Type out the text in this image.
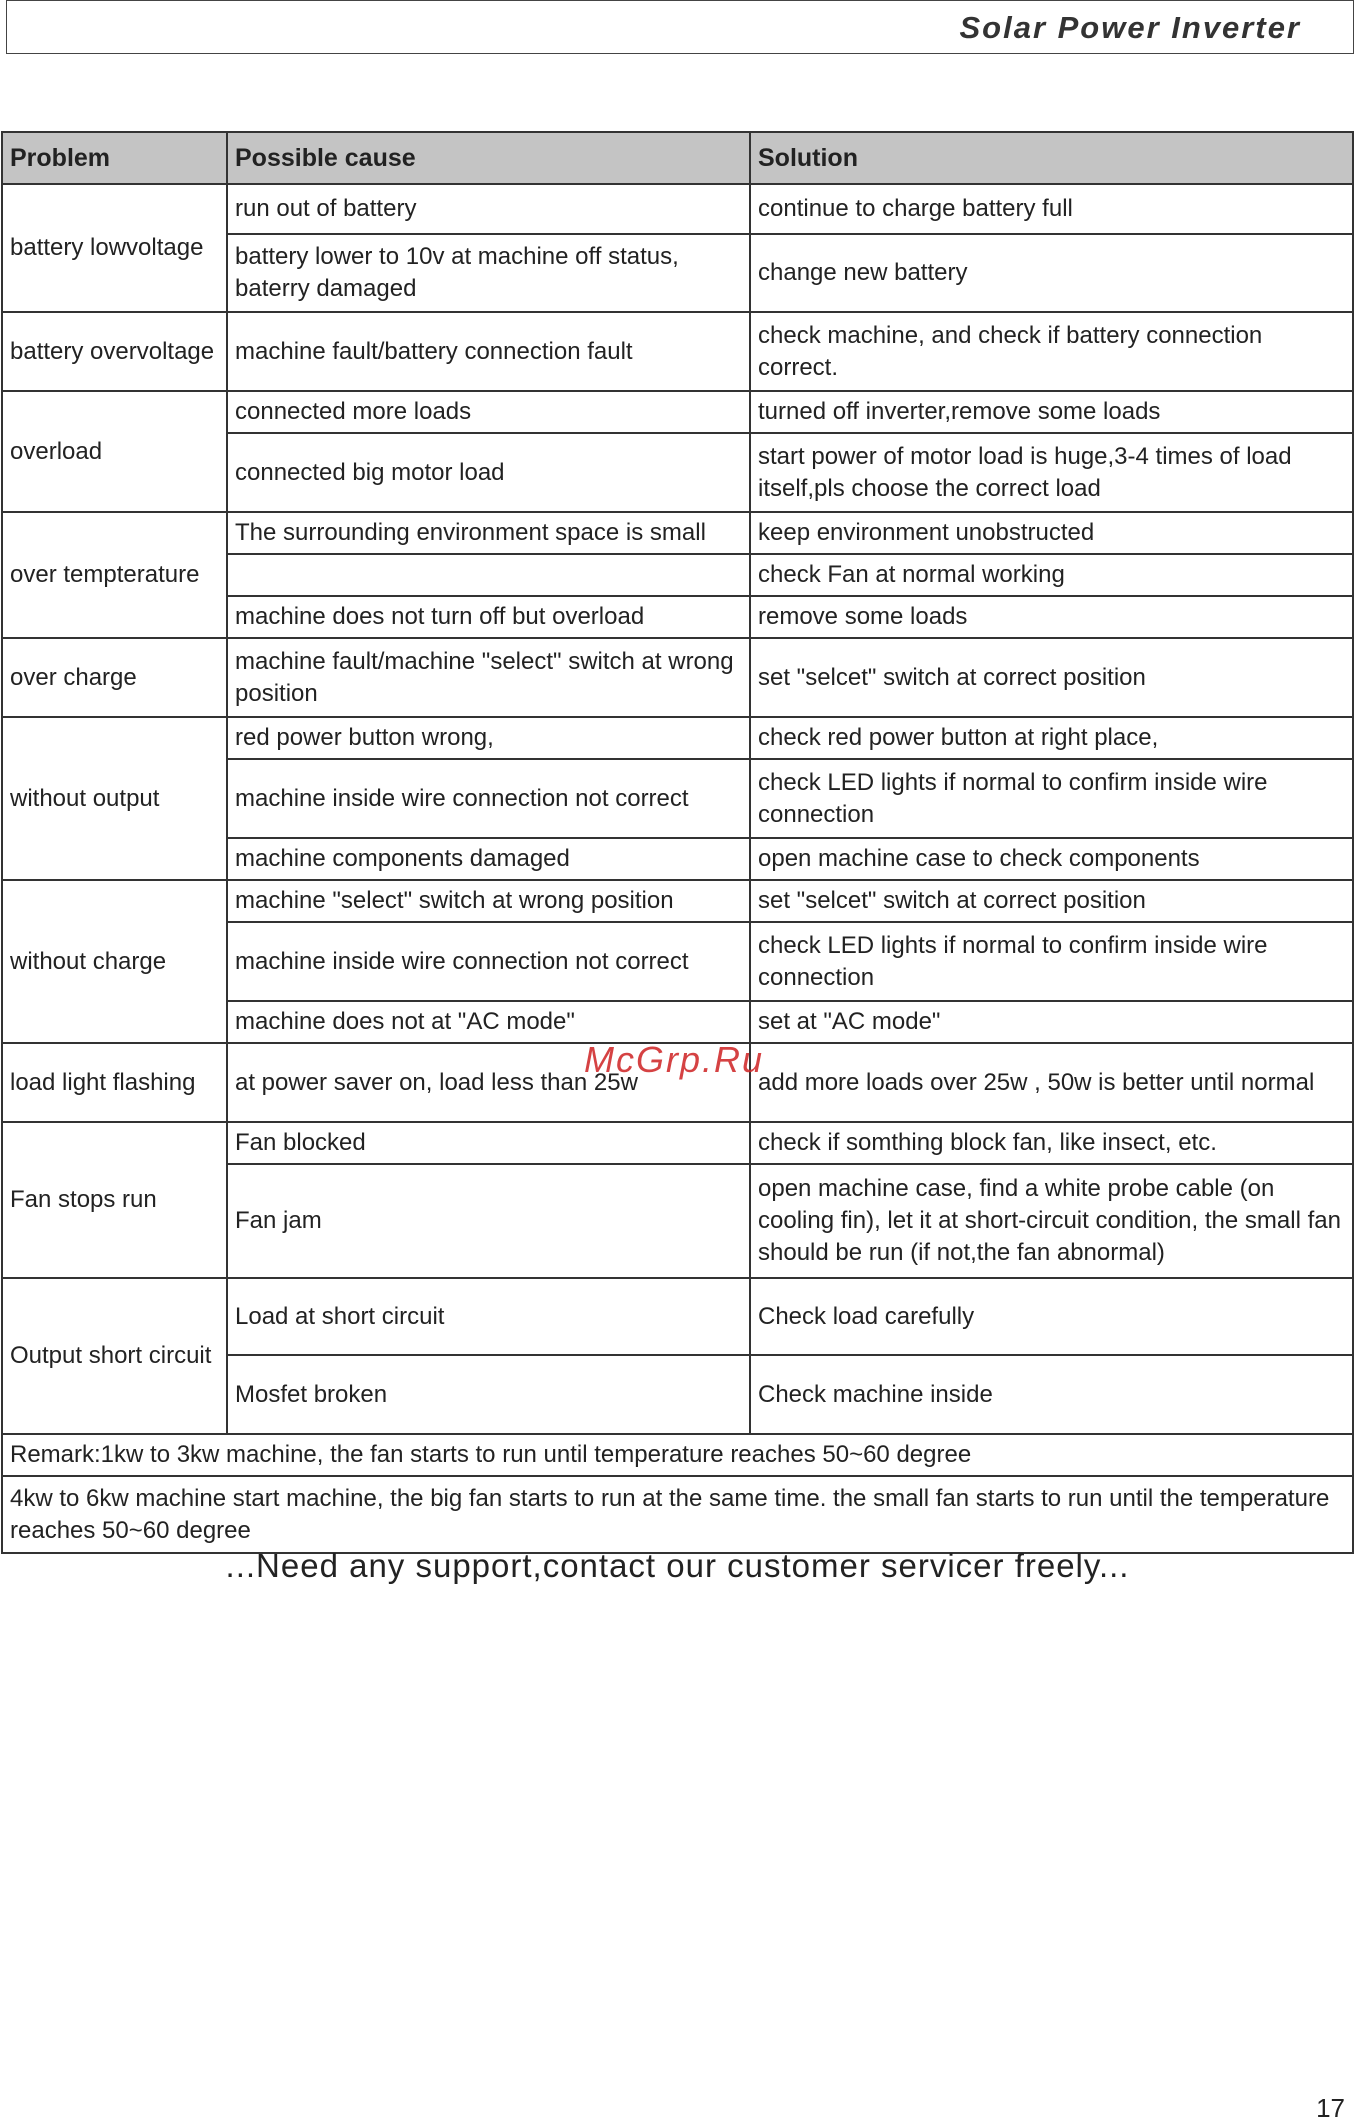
Solar Power Inverter
Problem	Possible cause	Solution
battery lowvoltage	run out of battery	continue to charge battery full
	battery lower to 10v at machine off status, baterry damaged	change new battery
battery overvoltage	machine fault/battery connection fault	check machine, and check if battery connection correct.
overload	connected more loads	turned off inverter,remove some loads
	connected big motor load	start power of motor load is huge,3-4 times of load itself,pls choose the correct load
over tempterature	The surrounding environment space is small	keep environment unobstructed
		check Fan at normal working
	machine does not turn off but overload	remove some loads
over charge	machine fault/machine "select" switch at wrong position	set "selcet" switch at correct position
without output	red power button wrong,	check red power button at right place,
	machine inside wire connection not correct	check LED lights if normal to confirm inside wire connection
	machine components damaged	open machine case to check components
without charge	machine "select" switch at wrong position	set "selcet" switch at correct position
	machine inside wire connection not correct	check LED lights if normal to confirm inside wire connection
	machine does not at "AC mode"	set at "AC mode"
load light flashing	at power saver on, load less than 25w	add more loads over 25w , 50w is better until normal
Fan stops run	Fan blocked	check if somthing block fan, like insect, etc.
	Fan jam	open machine case, find a white probe cable (on cooling fin), let it at short-circuit condition, the small fan should be run (if not,the fan abnormal)
Output short circuit	Load at short circuit	Check load carefully
	Mosfet broken	Check machine inside
Remark:1kw to 3kw machine, the fan starts to run until temperature reaches 50~60 degree		
4kw to 6kw machine start machine, the big fan starts to run at the same time. the small fan starts to run until the temperature reaches 50~60 degree		
...Need any support,contact our customer servicer freely...
McGrp.Ru
17
